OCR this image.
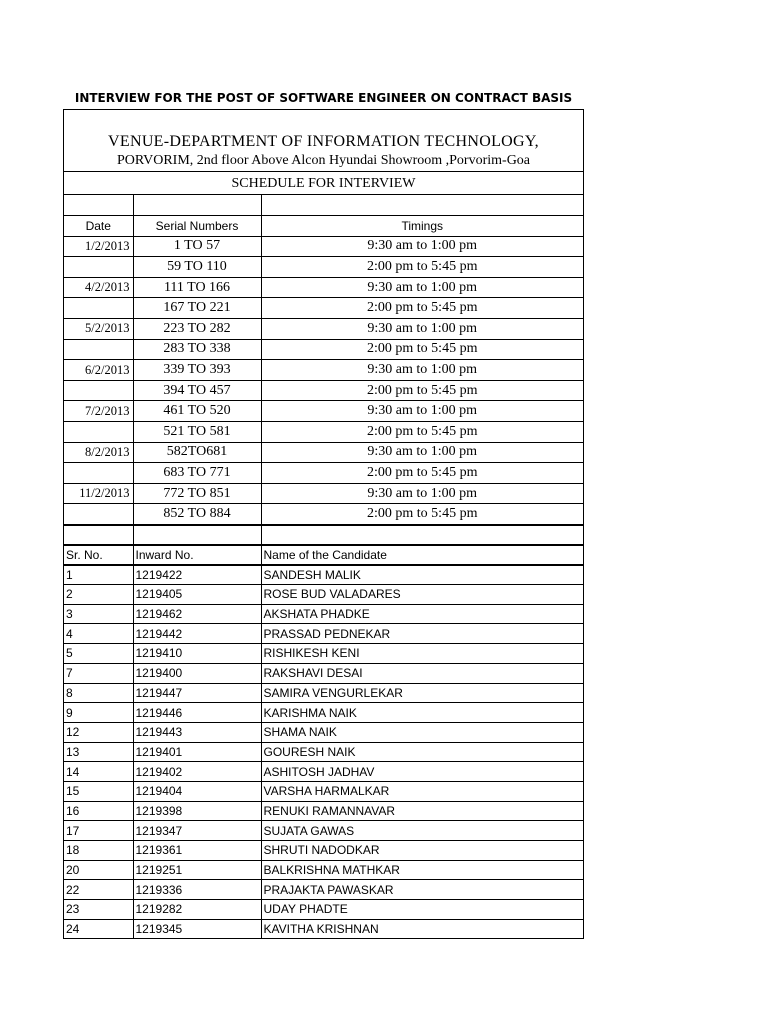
INTERVIEW FOR THE POST OF SOFTWARE ENGINEER ON CONTRACT BASIS
VENUE-DEPARTMENT OF INFORMATION TECHNOLOGY,
PORVORIM, 2nd floor Above Alcon Hyundai Showroom ,Porvorim-Goa
SCHEDULE FOR INTERVIEW

Date	Serial Numbers	Timings
1/2/2013	1 TO 57	9:30 am to 1:00 pm
	59 TO 110	2:00 pm to 5:45 pm
4/2/2013	111 TO 166	9:30 am to 1:00 pm
	167 TO 221	2:00 pm to 5:45 pm
5/2/2013	223 TO 282	9:30 am to 1:00 pm
	283 TO 338	2:00 pm to 5:45 pm
6/2/2013	339 TO 393	9:30 am to 1:00 pm
	394 TO 457	2:00 pm to 5:45 pm
7/2/2013	461 TO 520	9:30 am to 1:00 pm
	521 TO 581	2:00 pm to 5:45 pm
8/2/2013	582TO681	9:30 am to 1:00 pm
	683 TO 771	2:00 pm to 5:45 pm
11/2/2013	772 TO 851	9:30 am to 1:00 pm
	852 TO 884	2:00 pm to 5:45 pm

Sr. No.	Inward No.	Name of the Candidate
1	1219422	SANDESH MALIK
2	1219405	ROSE BUD VALADARES
3	1219462	AKSHATA PHADKE
4	1219442	PRASSAD PEDNEKAR
5	1219410	RISHIKESH KENI
7	1219400	RAKSHAVI DESAI
8	1219447	SAMIRA VENGURLEKAR
9	1219446	KARISHMA NAIK
12	1219443	SHAMA NAIK
13	1219401	GOURESH NAIK
14	1219402	ASHITOSH JADHAV
15	1219404	VARSHA HARMALKAR
16	1219398	RENUKI RAMANNAVAR
17	1219347	SUJATA GAWAS
18	1219361	SHRUTI NADODKAR
20	1219251	BALKRISHNA MATHKAR
22	1219336	PRAJAKTA PAWASKAR
23	1219282	UDAY PHADTE
24	1219345	KAVITHA KRISHNAN
